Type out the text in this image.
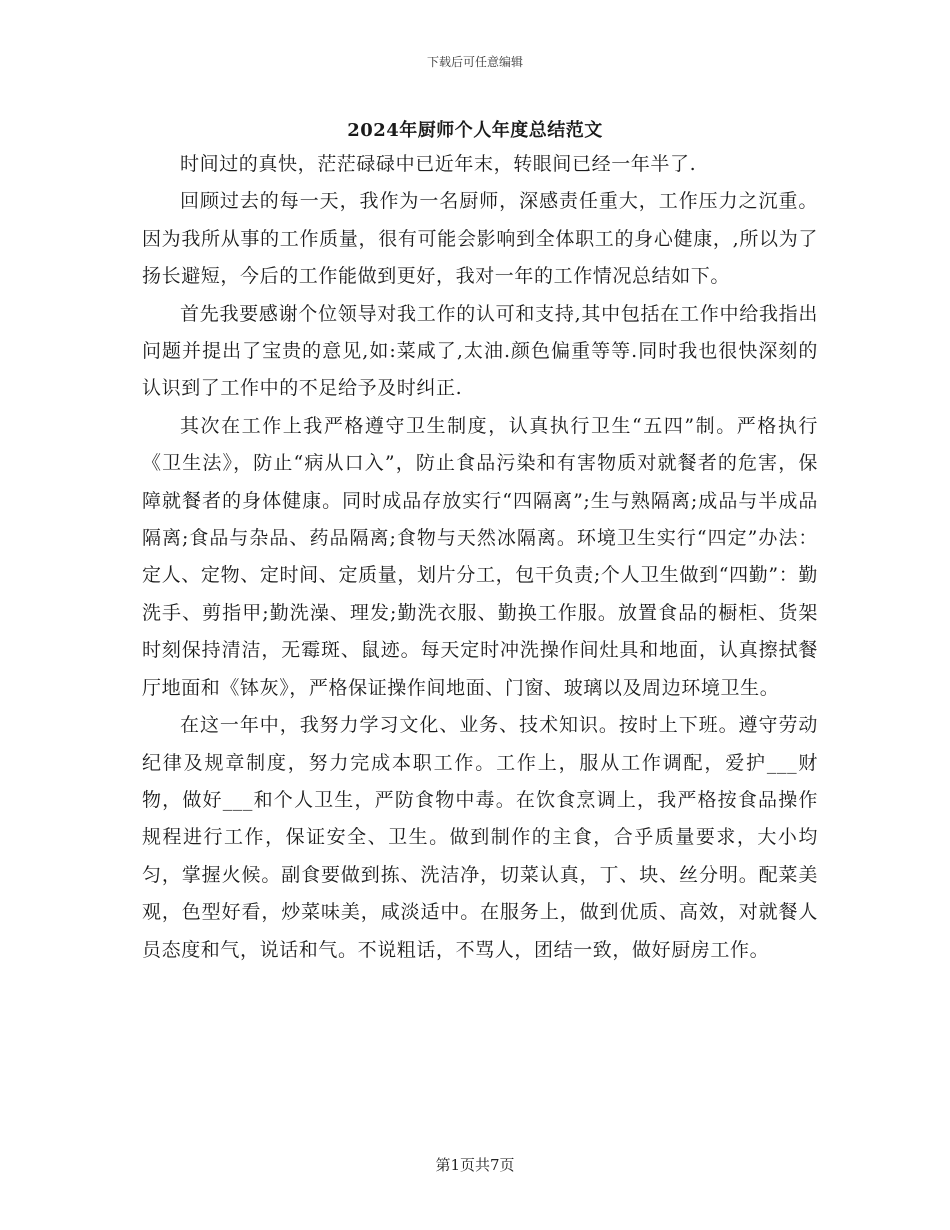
下载后可任意编辑
2024年厨师个人年度总结范文

时间过的真快，茫茫碌碌中已近年末，转眼间已经一年半了.

回顾过去的每一天，我作为一名厨师，深感责任重大，工作压力之沉重。因为我所从事的工作质量，很有可能会影响到全体职工的身心健康，,所以为了扬长避短，今后的工作能做到更好，我对一年的工作情况总结如下。

首先我要感谢个位领导对我工作的认可和支持,其中包括在工作中给我指出问题并提出了宝贵的意见,如:菜咸了,太油.颜色偏重等等.同时我也很快深刻的认识到了工作中的不足给予及时纠正.

其次在工作上我严格遵守卫生制度，认真执行卫生“五四”制。严格执行《卫生法》，防止“病从口入”，防止食品污染和有害物质对就餐者的危害，保障就餐者的身体健康。同时成品存放实行“四隔离”;生与熟隔离;成品与半成品隔离;食品与杂品、药品隔离;食物与天然冰隔离。环境卫生实行“四定”办法：定人、定物、定时间、定质量，划片分工，包干负责;个人卫生做到“四勤”：勤洗手、剪指甲;勤洗澡、理发;勤洗衣服、勤换工作服。放置食品的橱柜、货架时刻保持清洁，无霉斑、鼠迹。每天定时冲洗操作间灶具和地面，认真擦拭餐厅地面和《钵灰》，严格保证操作间地面、门窗、玻璃以及周边环境卫生。

在这一年中，我努力学习文化、业务、技术知识。按时上下班。遵守劳动纪律及规章制度，努力完成本职工作。工作上，服从工作调配，爱护___财物，做好___和个人卫生，严防食物中毒。在饮食烹调上，我严格按食品操作规程进行工作，保证安全、卫生。做到制作的主食，合乎质量要求，大小均匀，掌握火候。副食要做到拣、洗洁净，切菜认真，丁、块、丝分明。配菜美观，色型好看，炒菜味美，咸淡适中。在服务上，做到优质、高效，对就餐人员态度和气，说话和气。不说粗话，不骂人，团结一致，做好厨房工作。

第1页共7页
